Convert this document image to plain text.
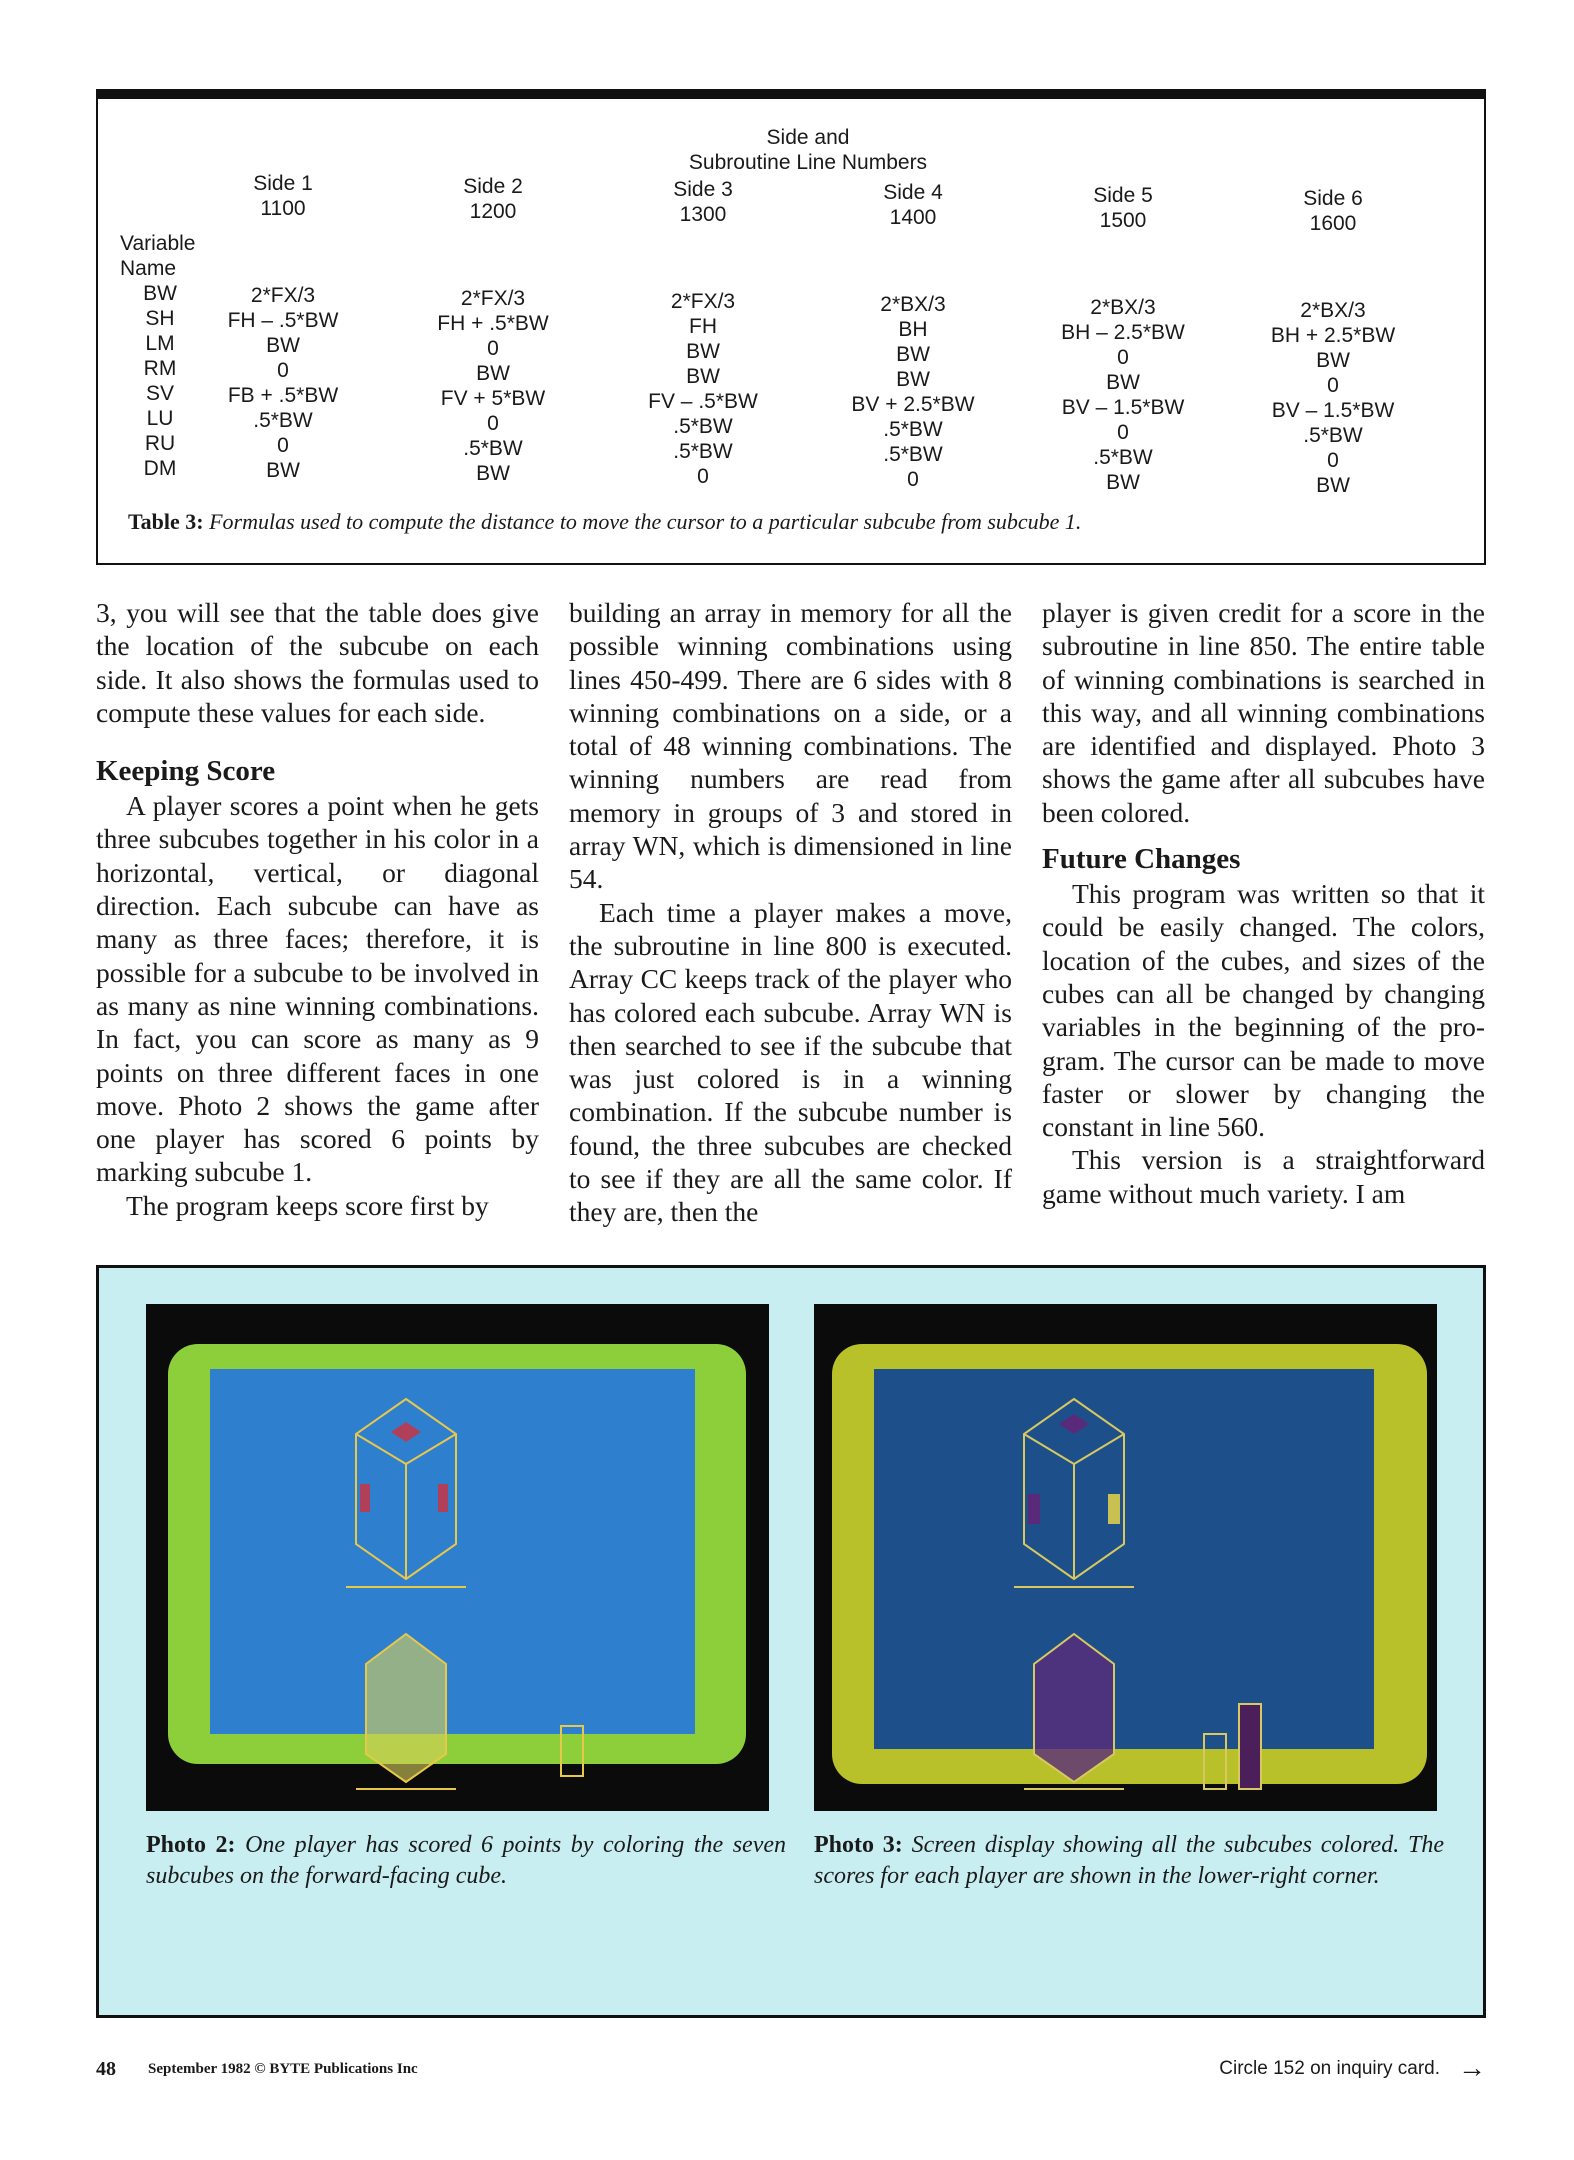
Side and
Subroutine Line Numbers
Variable
Name
BW
SH
LM
RM
SV
LU
RU
DM
Side 1
1100
2*FX/3
FH – .5*BW
BW
0
FB + .5*BW
.5*BW
0
BW
Side 2
1200
2*FX/3
FH + .5*BW
0
BW
FV + 5*BW
0
.5*BW
BW
Side 3
1300
2*FX/3
FH
BW
BW
FV – .5*BW
.5*BW
.5*BW
0
Side 4
1400
2*BX/3
BH
BW
BW
BV + 2.5*BW
.5*BW
.5*BW
0
Side 5
1500
2*BX/3
BH – 2.5*BW
0
BW
BV – 1.5*BW
0
.5*BW
BW
Side 6
1600
2*BX/3
BH + 2.5*BW
BW
0
BV – 1.5*BW
.5*BW
0
BW
Table 3: Formulas used to compute the distance to move the cursor to a particular subcube from subcube 1.

3, you will see that the table does give the location of the subcube on each side. It also shows the formulas used to compute these values for each side.

Keeping Score

A player scores a point when he gets three subcubes together in his color in a horizontal, vertical, or diagonal direction. Each subcube can have as many as three faces; therefore, it is possible for a subcube to be involved in as many as nine winning combinations. In fact, you can score as many as 9 points on three different faces in one move. Photo 2 shows the game after one player has scored 6 points by marking subcube 1.

The program keeps score first by

building an array in memory for all the possible winning combinations using lines 450-499. There are 6 sides with 8 winning combinations on a side, or a total of 48 winning combinations. The winning numbers are read from memory in groups of 3 and stored in array WN, which is dimensioned in line 54.

Each time a player makes a move, the subroutine in line 800 is executed. Array CC keeps track of the player who has colored each subcube. Array WN is then searched to see if the subcube that was just colored is in a winning combination. If the subcube number is found, the three subcubes are checked to see if they are all the same color. If they are, then the

player is given credit for a score in the subroutine in line 850. The entire table of winning combinations is searched in this way, and all winning combinations are identified and displayed. Photo 3 shows the game after all subcubes have been colored.

Future Changes

This program was written so that it could be easily changed. The colors, location of the cubes, and sizes of the cubes can all be changed by changing variables in the beginning of the program. The cursor can be made to move faster or slower by changing the constant in line 560.

This version is a straightforward game without much variety. I am

Photo 2: One player has scored 6 points by coloring the seven subcubes on the forward-facing cube.
Photo 3: Screen display showing all the subcubes colored. The scores for each player are shown in the lower-right corner.
48 September 1982 © BYTE Publications Inc	Circle 152 on inquiry card. →
